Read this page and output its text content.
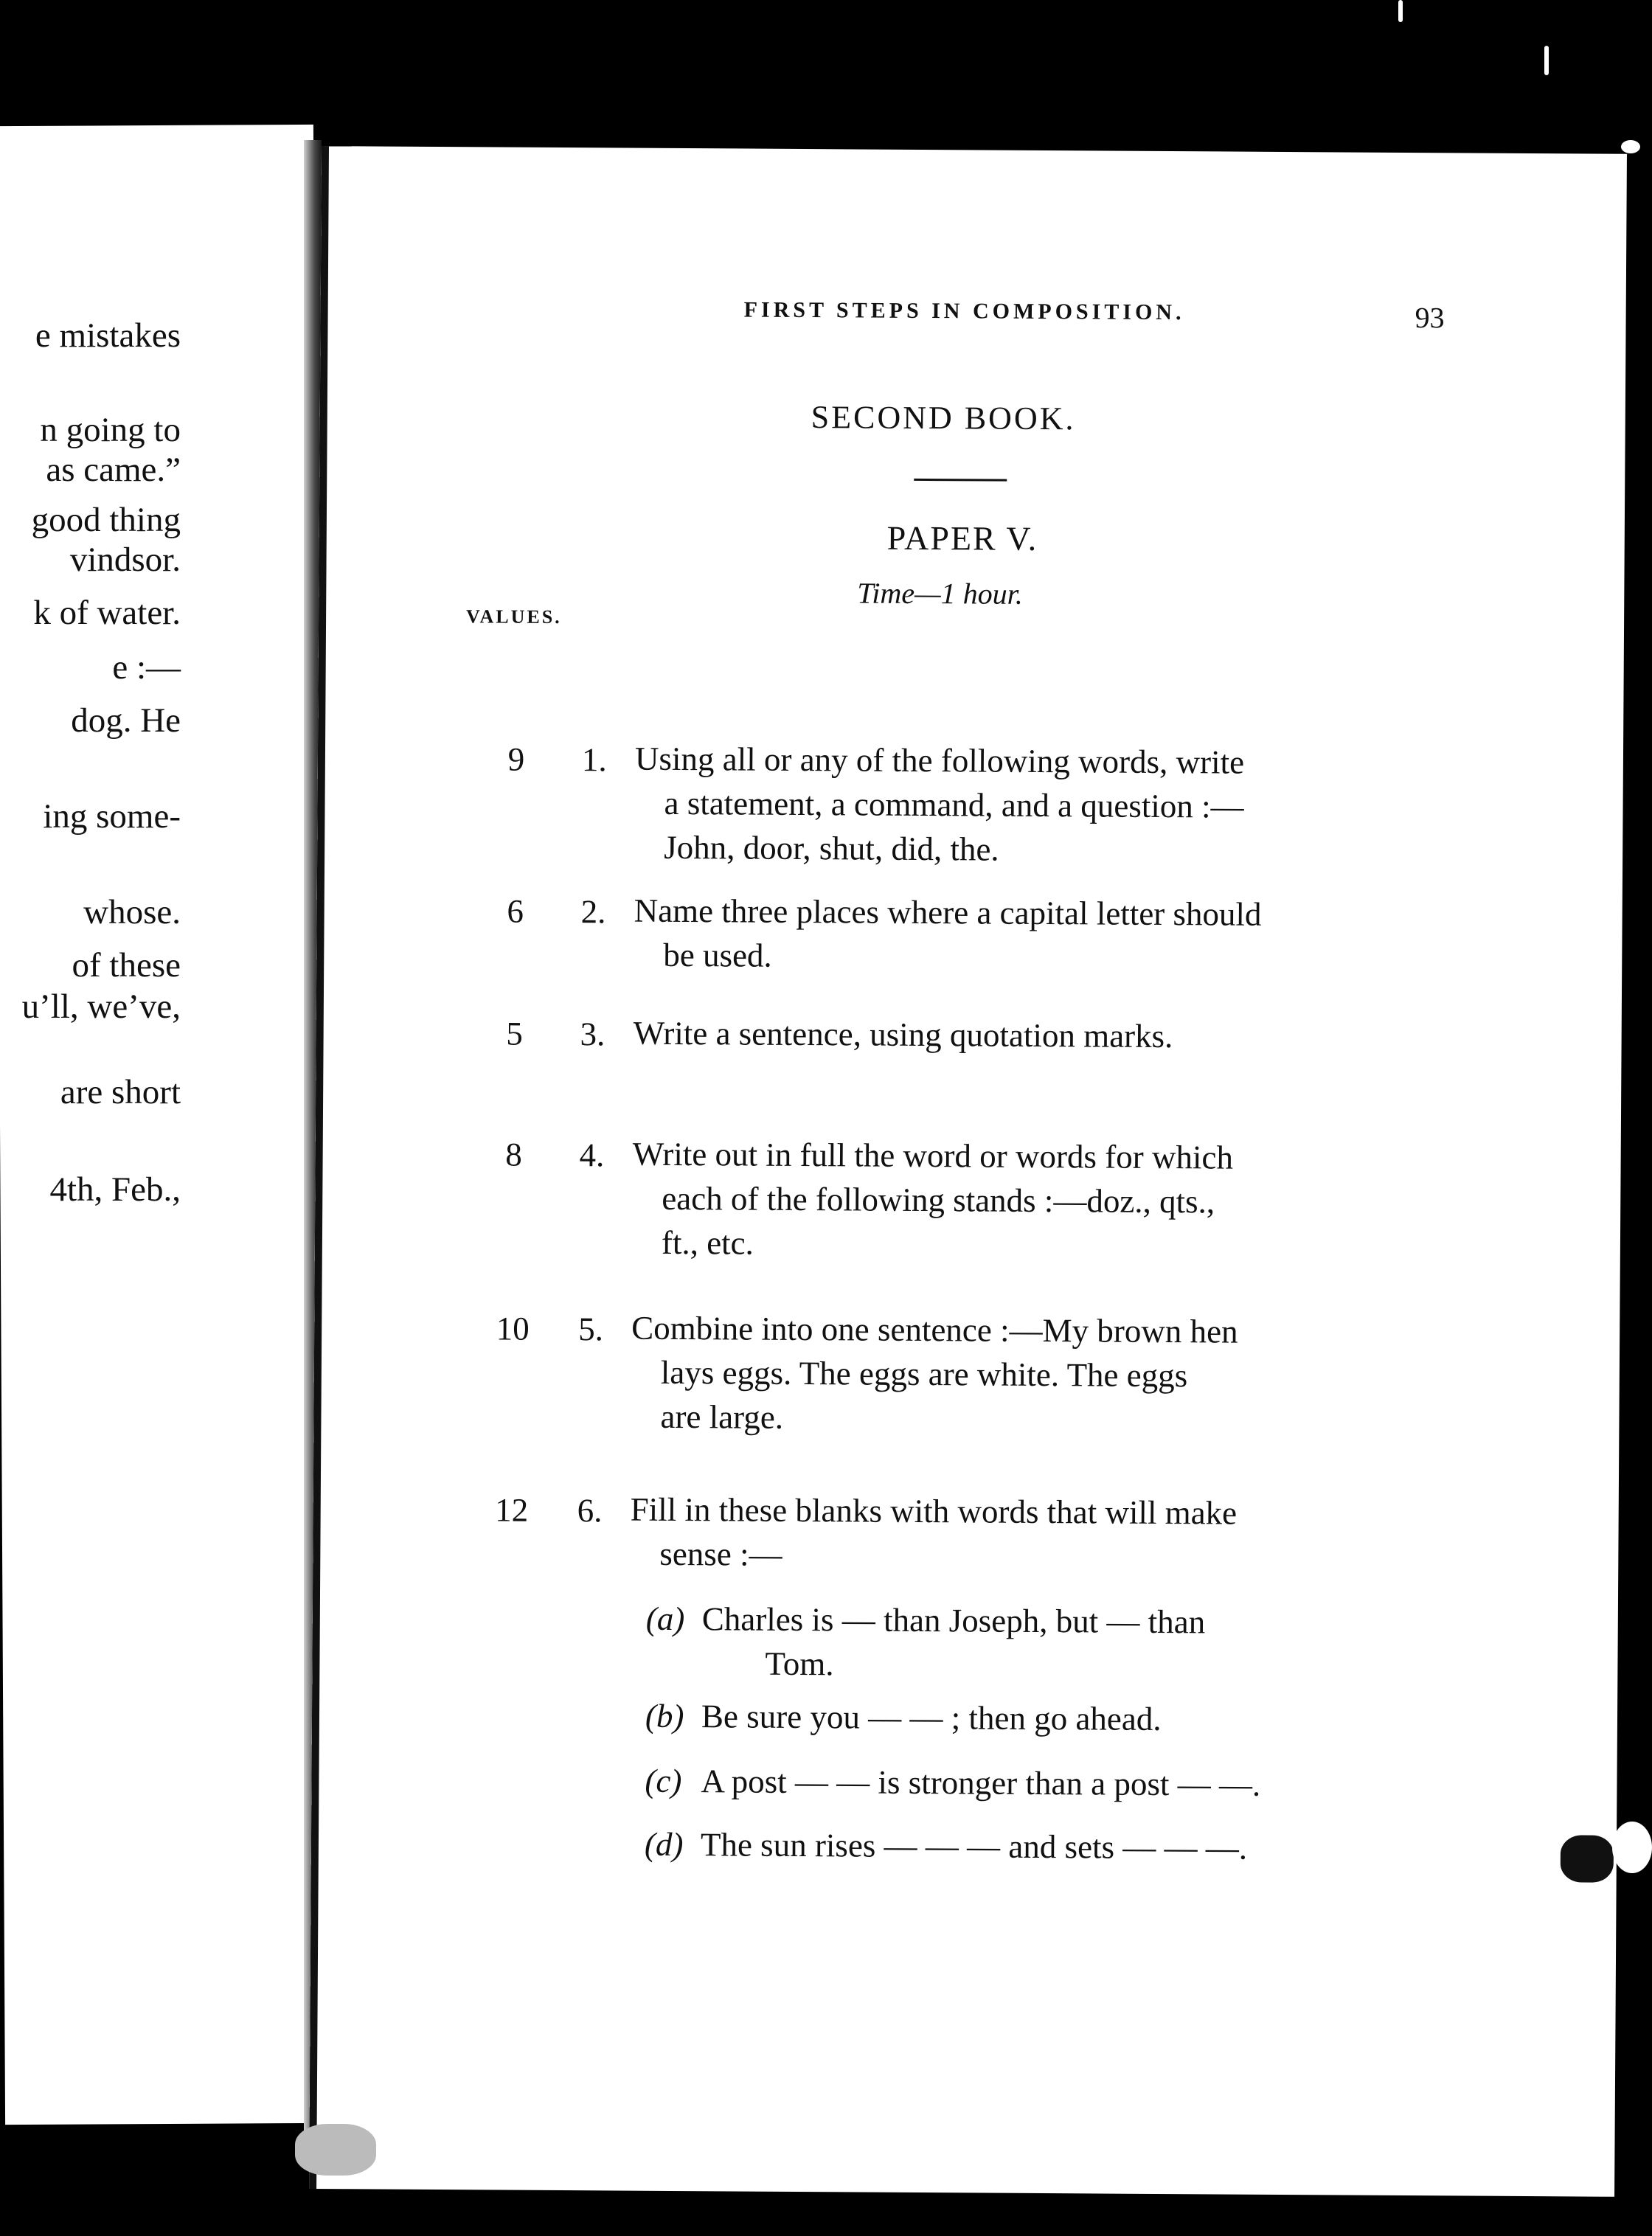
e mistakes
n going to
as came.”
good thing
vindsor.
k of water.
e :—
dog. He
ing some-
whose.
of these
u’ll, we’ve,
are short
4th, Feb.,
FIRST STEPS IN COMPOSITION.	93
SECOND BOOK.
PAPER V.
Time—1 hour.
VALUES.
9	1. Using all or any of the following words, write
a statement, a command, and a question :—
John, door, shut, did, the.
6	2. Name three places where a capital letter should
be used.
5	3. Write a sentence, using quotation marks.
8	4. Write out in full the word or words for which
each of the following stands :—doz., qts.,
ft., etc.
10 5. Combine into one sentence :—My brown hen
lays eggs. The eggs are white. The eggs
are large.
12 6. Fill in these blanks with words that will make
sense :—
(a) Charles is — than Joseph, but — than
Tom.
(b) Be sure you — — ; then go ahead.
(c) A post — — is stronger than a post — —.
(d) The sun rises — — — and sets — — —.
